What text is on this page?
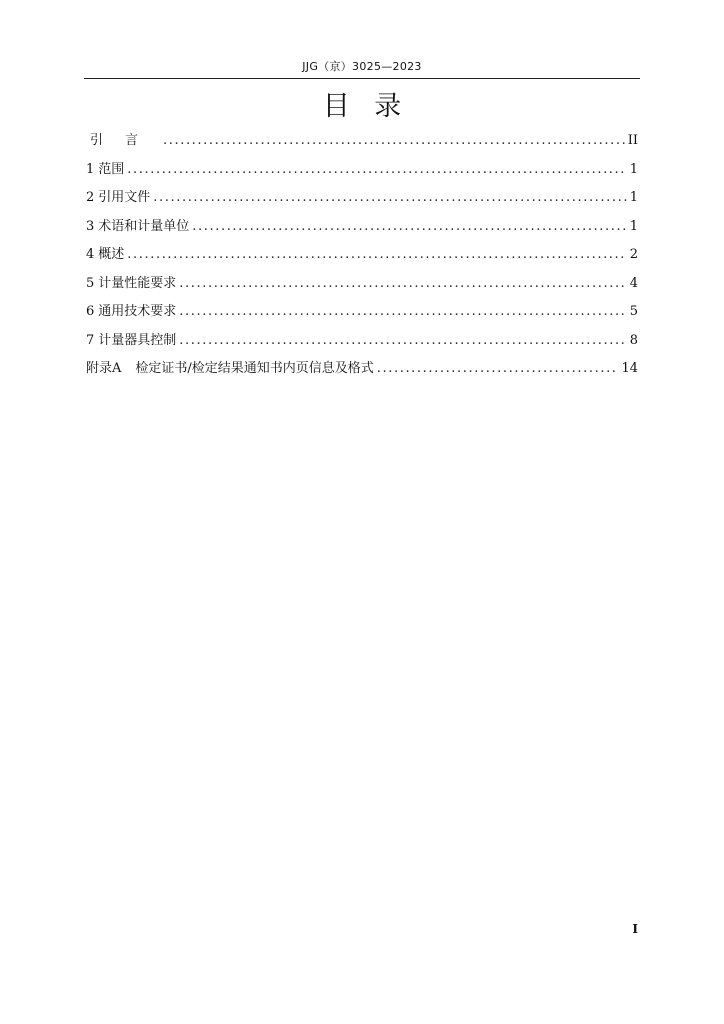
JJG（京）3025—2023
目 录
引言 .....	II
1 范围 .....	1
2 引用文件 .....	1
3 术语和计量单位 .....	1
4 概述 .....	2
5 计量性能要求 .....	4
6 通用技术要求 .....	5
7 计量器具控制 .....	8
附录A	检定证书/检定结果通知书内页信息及格式 .....	14
I
